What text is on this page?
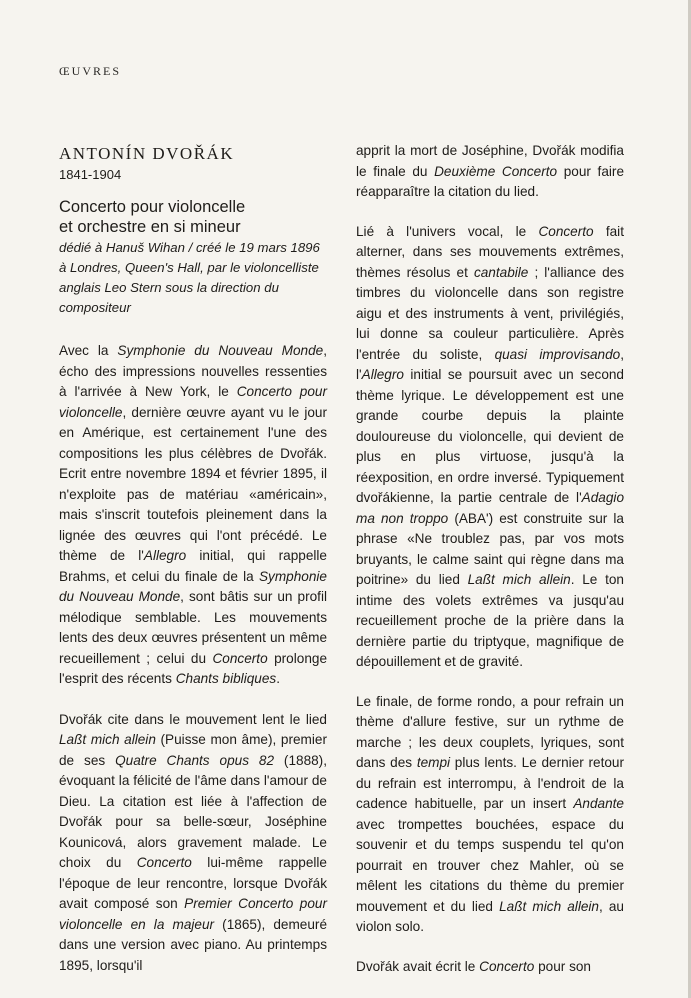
ŒUVRES
ANTONÍN DVOŘÁK
1841-1904
Concerto pour violoncelle
et orchestre en si mineur
dédié à Hanuš Wihan / créé le 19 mars 1896 à Londres, Queen's Hall, par le violoncelliste anglais Leo Stern sous la direction du compositeur

Avec la Symphonie du Nouveau Monde, écho des impressions nouvelles ressenties à l'arrivée à New York, le Concerto pour violoncelle, dernière œuvre ayant vu le jour en Amérique, est certainement l'une des compositions les plus célèbres de Dvořák. Ecrit entre novembre 1894 et février 1895, il n'exploite pas de matériau «américain», mais s'inscrit toutefois pleinement dans la lignée des œuvres qui l'ont précédé. Le thème de l'Allegro initial, qui rappelle Brahms, et celui du finale de la Symphonie du Nouveau Monde, sont bâtis sur un profil mélodique semblable. Les mouvements lents des deux œuvres présentent un même recueillement ; celui du Concerto prolonge l'esprit des récents Chants bibliques.

Dvořák cite dans le mouvement lent le lied Laßt mich allein (Puisse mon âme), premier de ses Quatre Chants opus 82 (1888), évoquant la félicité de l'âme dans l'amour de Dieu. La citation est liée à l'affection de Dvořák pour sa belle-sœur, Joséphine Kounicová, alors gravement malade. Le choix du Concerto lui-même rappelle l'époque de leur rencontre, lorsque Dvořák avait composé son Premier Concerto pour violoncelle en la majeur (1865), demeuré dans une version avec piano. Au printemps 1895, lorsqu'il

apprit la mort de Joséphine, Dvořák modifia le finale du Deuxième Concerto pour faire réapparaître la citation du lied.

Lié à l'univers vocal, le Concerto fait alterner, dans ses mouvements extrêmes, thèmes résolus et cantabile ; l'alliance des timbres du violoncelle dans son registre aigu et des instruments à vent, privilégiés, lui donne sa couleur particulière. Après l'entrée du soliste, quasi improvisando, l'Allegro initial se poursuit avec un second thème lyrique. Le développement est une grande courbe depuis la plainte douloureuse du violoncelle, qui devient de plus en plus virtuose, jusqu'à la réexposition, en ordre inversé. Typiquement dvořákienne, la partie centrale de l'Adagio ma non troppo (ABA') est construite sur la phrase «Ne troublez pas, par vos mots bruyants, le calme saint qui règne dans ma poitrine» du lied Laßt mich allein. Le ton intime des volets extrêmes va jusqu'au recueillement proche de la prière dans la dernière partie du triptyque, magnifique de dépouillement et de gravité.

Le finale, de forme rondo, a pour refrain un thème d'allure festive, sur un rythme de marche ; les deux couplets, lyriques, sont dans des tempi plus lents. Le dernier retour du refrain est interrompu, à l'endroit de la cadence habituelle, par un insert Andante avec trompettes bouchées, espace du souvenir et du temps suspendu tel qu'on pourrait en trouver chez Mahler, où se mêlent les citations du thème du premier mouvement et du lied Laßt mich allein, au violon solo.

Dvořák avait écrit le Concerto pour son
